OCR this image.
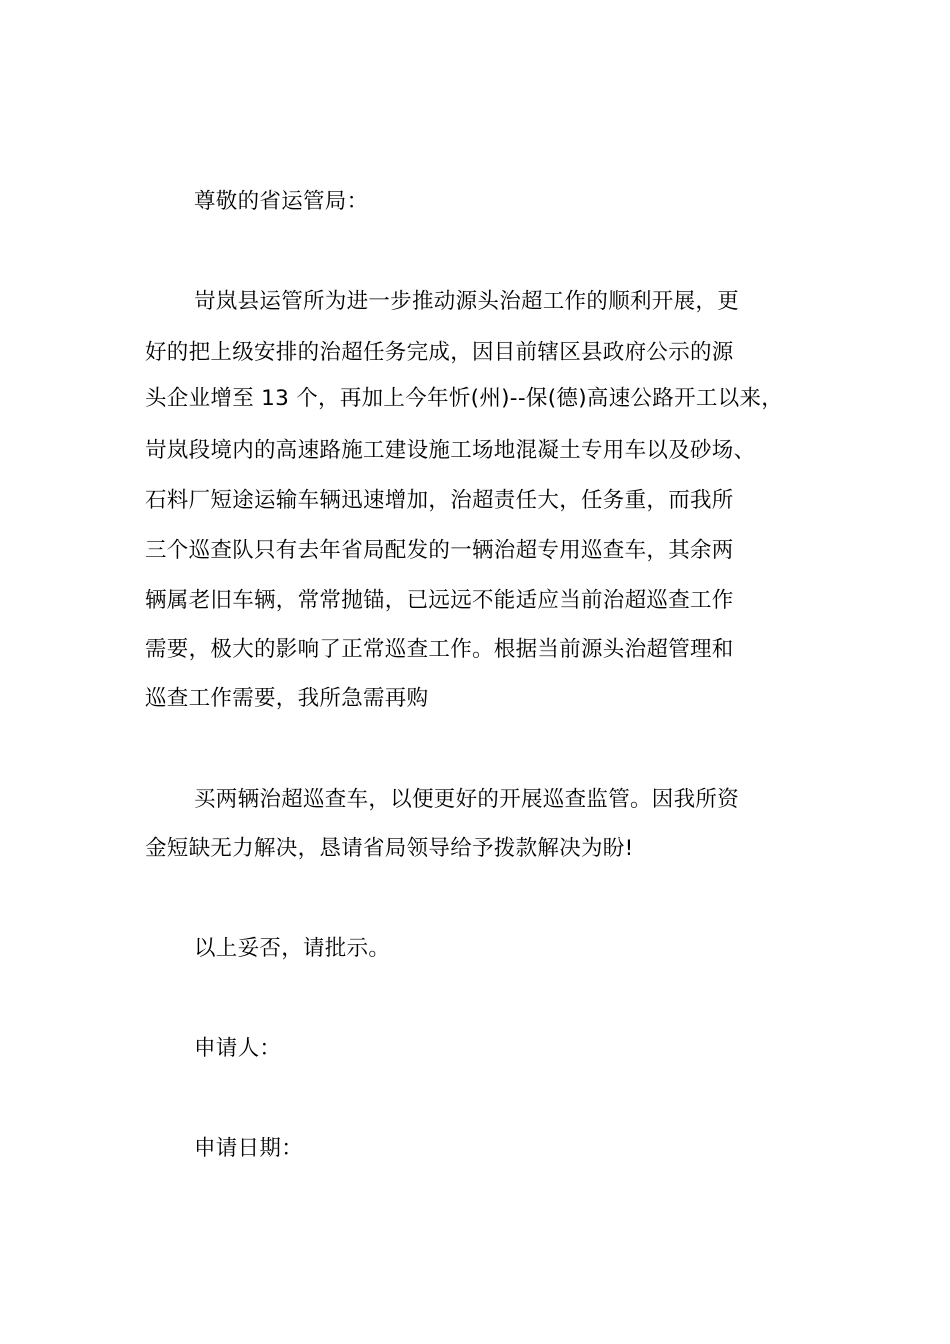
尊敬的省运管局：
岢岚县运管所为进一步推动源头治超工作的顺利开展，更
好的把上级安排的治超任务完成，因目前辖区县政府公示的源
头企业增至 13 个，再加上今年忻(州)--保(德)高速公路开工以来，
岢岚段境内的高速路施工建设施工场地混凝土专用车以及砂场、
石料厂短途运输车辆迅速增加，治超责任大，任务重，而我所
三个巡查队只有去年省局配发的一辆治超专用巡查车，其余两
辆属老旧车辆，常常抛锚，已远远不能适应当前治超巡查工作
需要，极大的影响了正常巡查工作。根据当前源头治超管理和
巡查工作需要，我所急需再购
买两辆治超巡查车，以便更好的开展巡查监管。因我所资
金短缺无力解决，恳请省局领导给予拨款解决为盼!
以上妥否，请批示。
申请人：
申请日期：
